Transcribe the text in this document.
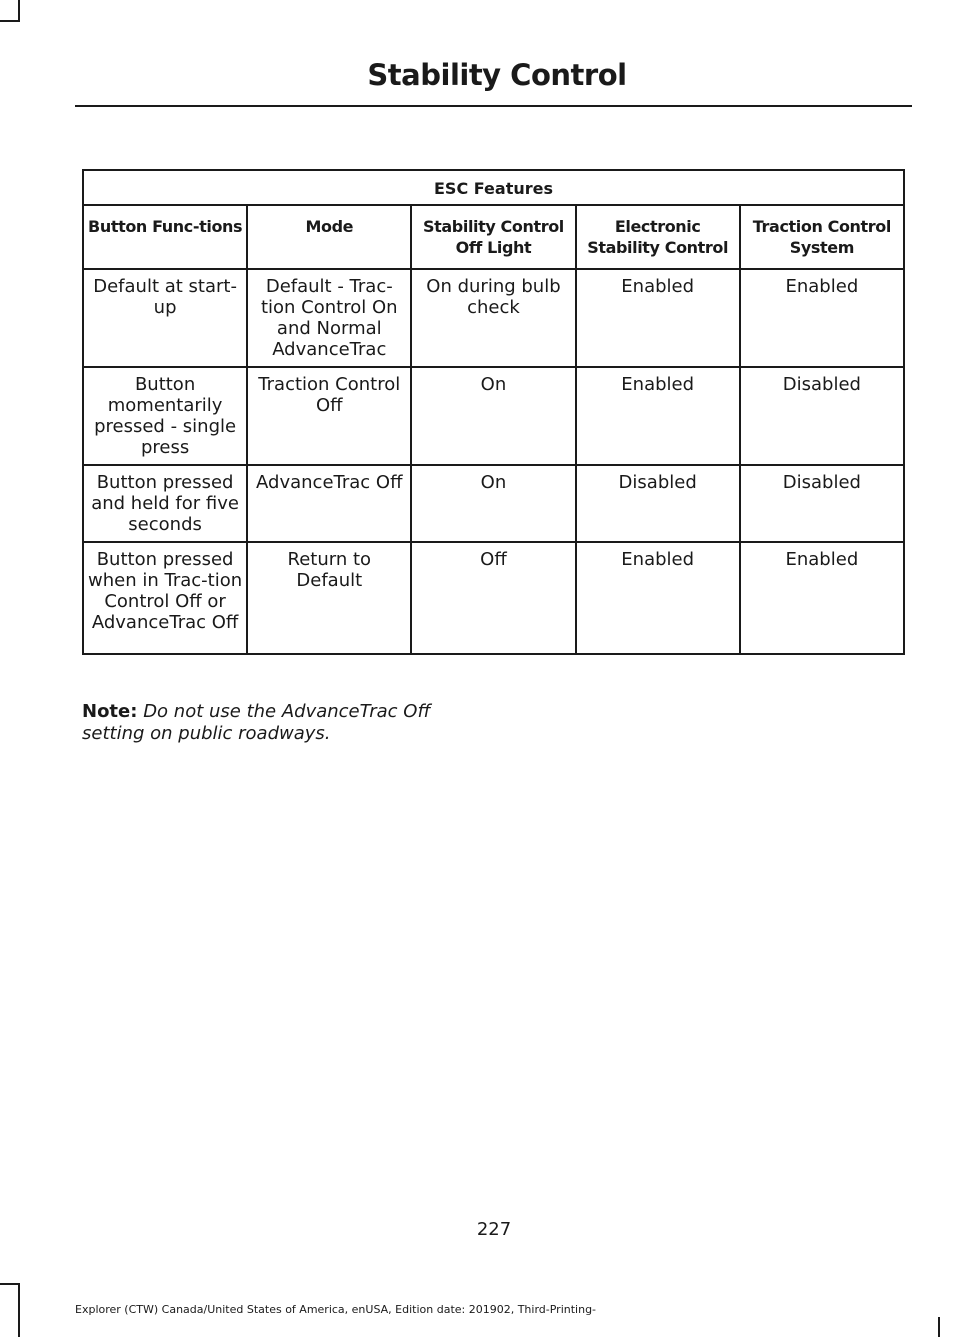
Stability Control
ESC Features				
Button Func-tions	Mode	Stability Control Off Light	Electronic Stability Control	Traction Control System
Default at start-up	Default - Trac-tion Control On and Normal AdvanceTrac	On during bulb check	Enabled	Enabled
Button momentarily pressed - single press	Traction Control Off	On	Enabled	Disabled
Button pressed and held for five seconds	AdvanceTrac Off	On	Disabled	Disabled
Button pressed when in Trac-tion Control Off or AdvanceTrac Off	Return to Default	Off	Enabled	Enabled

Note: Do not use the AdvanceTrac Off setting on public roadways.

227
Explorer (CTW) Canada/United States of America, enUSA, Edition date: 201902, Third-Printing-
